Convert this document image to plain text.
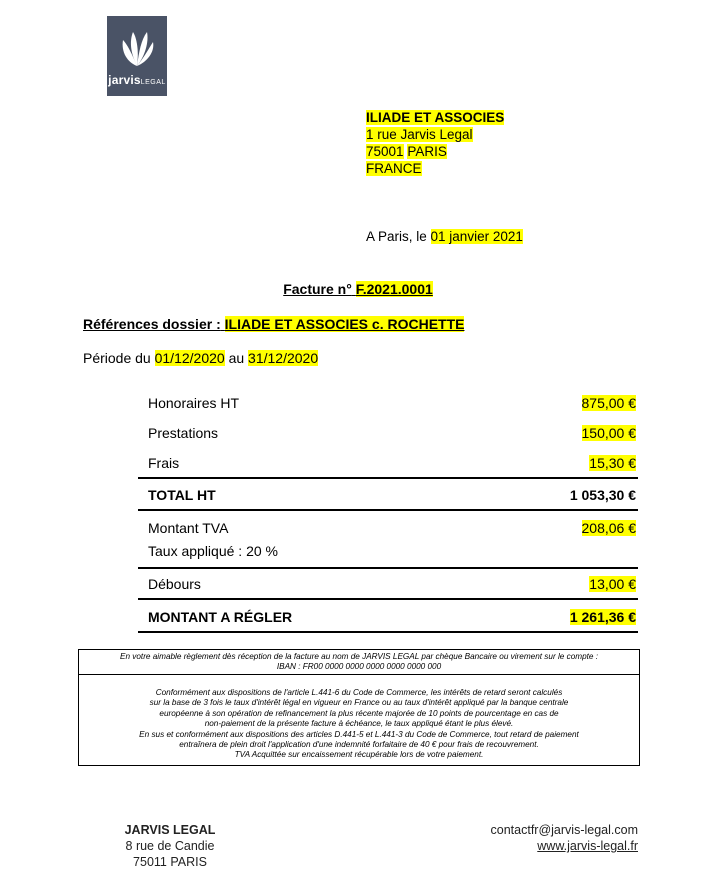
jarvisLEGAL
ILIADE ET ASSOCIES
1 rue Jarvis Legal
75001 PARIS
FRANCE
A Paris, le 01 janvier 2021
Facture n° F.2021.0001
Références dossier : ILIADE ET ASSOCIES c. ROCHETTE
Période du 01/12/2020 au 31/12/2020
Honoraires HT	875,00 €
Prestations	150,00 €
Frais	15,30 €
TOTAL HT	1 053,30 €
Montant TVA	208,06 €
Taux appliqué : 20 %
Débours	13,00 €
MONTANT A RÉGLER	1 261,36 €
En votre aimable règlement dès réception de la facture au nom de JARVIS LEGAL par chèque Bancaire ou virement sur le compte :
IBAN : FR00 0000 0000 0000 0000 0000 000
Conformément aux dispositions de l'article L.441-6 du Code de Commerce, les intérêts de retard seront calculés
sur la base de 3 fois le taux d'intérêt légal en vigueur en France ou au taux d'intérêt appliqué par la banque centrale
européenne à son opération de refinancement la plus récente majorée de 10 points de pourcentage en cas de
non-paiement de la présente facture à échéance, le taux appliqué étant le plus élevé.
En sus et conformément aux dispositions des articles D.441-5 et L.441-3 du Code de Commerce, tout retard de paiement
entraînera de plein droit l'application d'une indemnité forfaitaire de 40 € pour frais de recouvrement.
TVA Acquittée sur encaissement récupérable lors de votre paiement.
JARVIS LEGAL
8 rue de Candie
75011 PARIS
contactfr@jarvis-legal.com
www.jarvis-legal.fr
